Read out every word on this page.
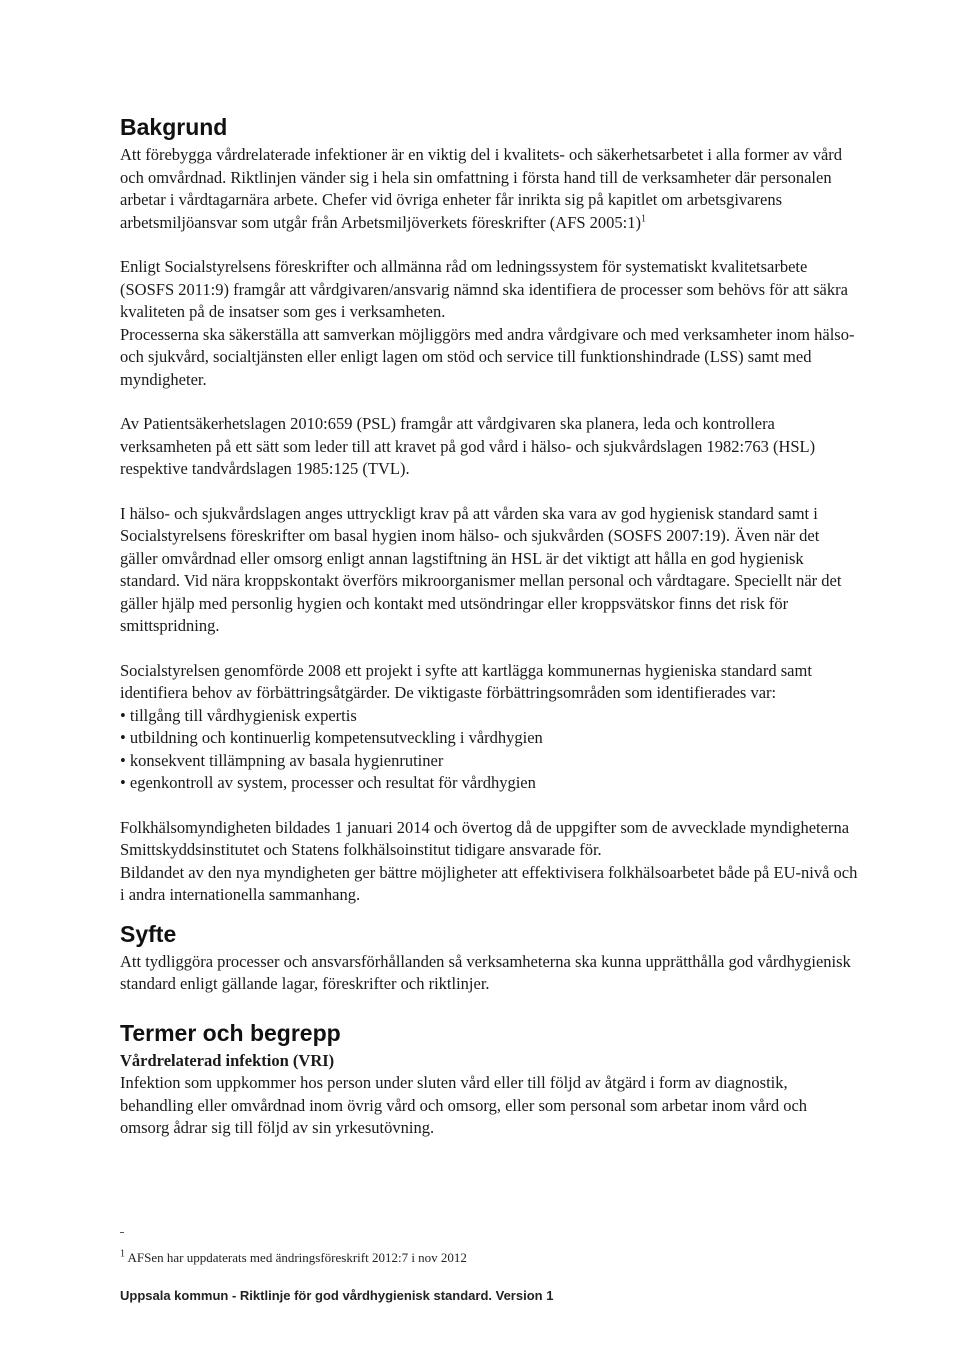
Bakgrund

Att förebygga vårdrelaterade infektioner är en viktig del i kvalitets- och säkerhetsarbetet i alla former av vård och omvårdnad. Riktlinjen vänder sig i hela sin omfattning i första hand till de verksamheter där personalen arbetar i vårdtagarnära arbete. Chefer vid övriga enheter får inrikta sig på kapitlet om arbetsgivarens arbetsmiljöansvar som utgår från Arbetsmiljöverkets föreskrifter (AFS 2005:1)$^1$

Enligt Socialstyrelsens föreskrifter och allmänna råd om ledningssystem för systematiskt kvalitetsarbete (SOSFS 2011:9) framgår att vårdgivaren/ansvarig nämnd ska identifiera de processer som behövs för att säkra kvaliteten på de insatser som ges i verksamheten.

Processerna ska säkerställa att samverkan möjliggörs med andra vårdgivare och med verksamheter inom hälso- och sjukvård, socialtjänsten eller enligt lagen om stöd och service till funktionshindrade (LSS) samt med myndigheter.

Av Patientsäkerhetslagen 2010:659 (PSL) framgår att vårdgivaren ska planera, leda och kontrollera verksamheten på ett sätt som leder till att kravet på god vård i hälso- och sjukvårdslagen 1982:763 (HSL) respektive tandvårdslagen 1985:125 (TVL).

I hälso- och sjukvårdslagen anges uttryckligt krav på att vården ska vara av god hygienisk standard samt i Socialstyrelsens föreskrifter om basal hygien inom hälso- och sjukvården (SOSFS 2007:19). Även när det gäller omvårdnad eller omsorg enligt annan lagstiftning än HSL är det viktigt att hålla en god hygienisk standard. Vid nära kroppskontakt överförs mikroorganismer mellan personal och vårdtagare. Speciellt när det gäller hjälp med personlig hygien och kontakt med utsöndringar eller kroppsvätskor finns det risk för smittspridning.

Socialstyrelsen genomförde 2008 ett projekt i syfte att kartlägga kommunernas hygieniska standard samt identifiera behov av förbättringsåtgärder. De viktigaste förbättringsområden som identifierades var:

• tillgång till vårdhygienisk expertis
• utbildning och kontinuerlig kompetensutveckling i vårdhygien
• konsekvent tillämpning av basala hygienrutiner
• egenkontroll av system, processer och resultat för vårdhygien

Folkhälsomyndigheten bildades 1 januari 2014 och övertog då de uppgifter som de avvecklade myndigheterna Smittskyddsinstitutet och Statens folkhälsoinstitut tidigare ansvarade för.

Bildandet av den nya myndigheten ger bättre möjligheter att effektivisera folkhälsoarbetet både på EU-nivå och i andra internationella sammanhang.

Syfte

Att tydliggöra processer och ansvarsförhållanden så verksamheterna ska kunna upprätthålla god vårdhygienisk standard enligt gällande lagar, föreskrifter och riktlinjer.

Termer och begrepp

Vårdrelaterad infektion (VRI)

Infektion som uppkommer hos person under sluten vård eller till följd av åtgärd i form av diagnostik, behandling eller omvårdnad inom övrig vård och omsorg, eller som personal som arbetar inom vård och omsorg ådrar sig till följd av sin yrkesutövning.

$^1$ AFSen har uppdaterats med ändringsföreskrift 2012:7 i nov 2012
Uppsala kommun - Riktlinje för god vårdhygienisk standard. Version 1
